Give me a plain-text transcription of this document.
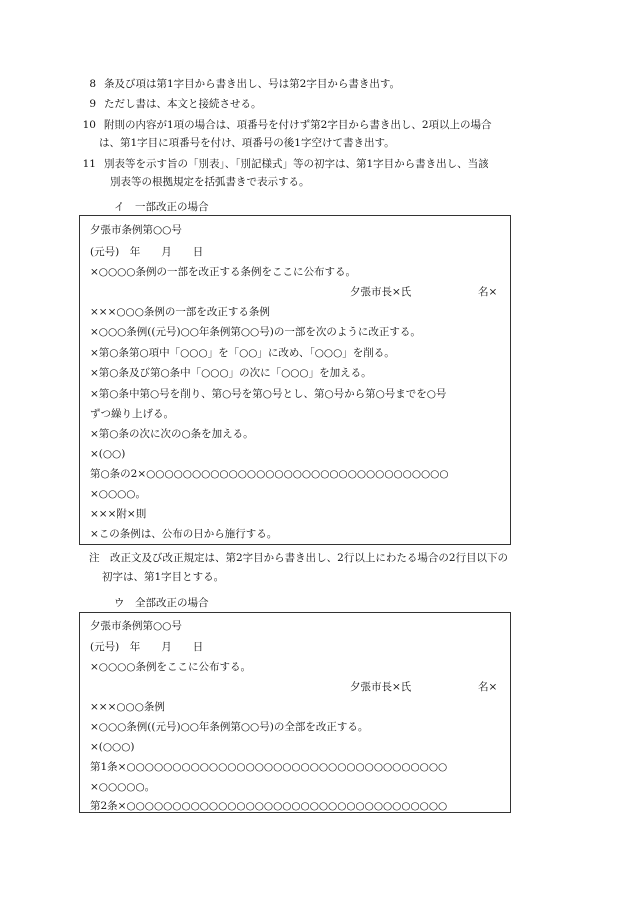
8 条及び項は第1字目から書き出し、号は第2字目から書き出す。
9 ただし書は、本文と接続させる。
10 附則の内容が1項の場合は、項番号を付けず第2字目から書き出し、2項以上の場合
は、第1字目に項番号を付け、項番号の後1字空けて書き出す。
11 別表等を示す旨の「別表」、「別記様式」等の初字は、第1字目から書き出し、当該
別表等の根拠規定を括弧書きで表示する。
イ　一部改正の場合
夕張市条例第○○号
(元号)　年　　月　　日
×○○○○条例の一部を改正する条例をここに公布する。
夕張市長×氏	名×
×××○○○条例の一部を改正する条例
×○○○条例((元号)○○年条例第○○号)の一部を次のように改正する。
×第○条第○項中「○○○」を「○○」に改め、「○○○」を削る。
×第○条及び第○条中「○○○」の次に「○○○」を加える。
×第○条中第○号を削り、第○号を第○号とし、第○号から第○号までを○号
ずつ繰り上げる。
×第○条の次に次の○条を加える。
×(○○)
第○条の2×○○○○○○○○○○○○○○○○○○○○○○○○○○○○○○○○○
×○○○○。
×××附×則
×この条例は、公布の日から施行する。
注　改正文及び改正規定は、第2字目から書き出し、2行以上にわたる場合の2行目以下の
初字は、第1字目とする。
ウ　全部改正の場合
夕張市条例第○○号
(元号)　年　　月　　日
×○○○○条例をここに公布する。
夕張市長×氏	名×
×××○○○条例
×○○○条例((元号)○○年条例第○○号)の全部を改正する。
×(○○○)
第1条×○○○○○○○○○○○○○○○○○○○○○○○○○○○○○○○○○○○
×○○○○○。
第2条×○○○○○○○○○○○○○○○○○○○○○○○○○○○○○○○○○○○
